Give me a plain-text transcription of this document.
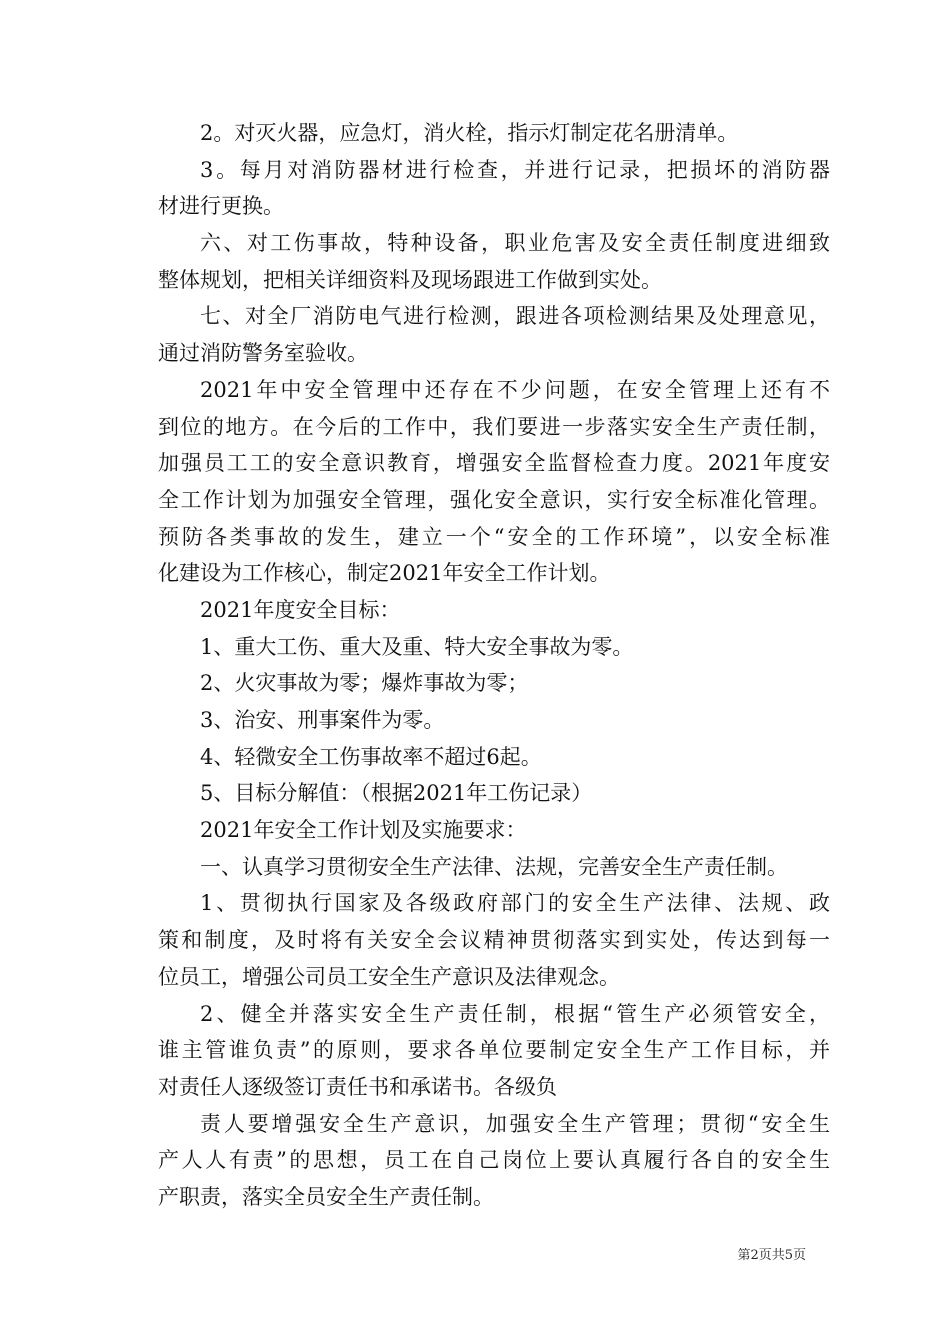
2。对灭火器，应急灯，消火栓，指示灯制定花名册清单。
3。每月对消防器材进行检查，并进行记录，把损坏的消防器
材进行更换。
六、对工伤事故，特种设备，职业危害及安全责任制度进细致
整体规划，把相关详细资料及现场跟进工作做到实处。
七、对全厂消防电气进行检测，跟进各项检测结果及处理意见，
通过消防警务室验收。
2021年中安全管理中还存在不少问题，在安全管理上还有不
到位的地方。在今后的工作中，我们要进一步落实安全生产责任制，
加强员工工的安全意识教育，增强安全监督检查力度。2021年度安
全工作计划为加强安全管理，强化安全意识，实行安全标准化管理。
预防各类事故的发生，建立一个“安全的工作环境”，以安全标准
化建设为工作核心，制定2021年安全工作计划。
2021年度安全目标：
1、重大工伤、重大及重、特大安全事故为零。
2、火灾事故为零；爆炸事故为零；
3、治安、刑事案件为零。
4、轻微安全工伤事故率不超过6起。
5、目标分解值：（根据2021年工伤记录）
2021年安全工作计划及实施要求：
一、认真学习贯彻安全生产法律、法规，完善安全生产责任制。
1、贯彻执行国家及各级政府部门的安全生产法律、法规、政
策和制度，及时将有关安全会议精神贯彻落实到实处，传达到每一
位员工，增强公司员工安全生产意识及法律观念。
2、健全并落实安全生产责任制，根据“管生产必须管安全，
谁主管谁负责”的原则，要求各单位要制定安全生产工作目标，并
对责任人逐级签订责任书和承诺书。各级负
责人要增强安全生产意识，加强安全生产管理；贯彻“安全生
产人人有责”的思想，员工在自己岗位上要认真履行各自的安全生
产职责，落实全员安全生产责任制。
第2页共5页
